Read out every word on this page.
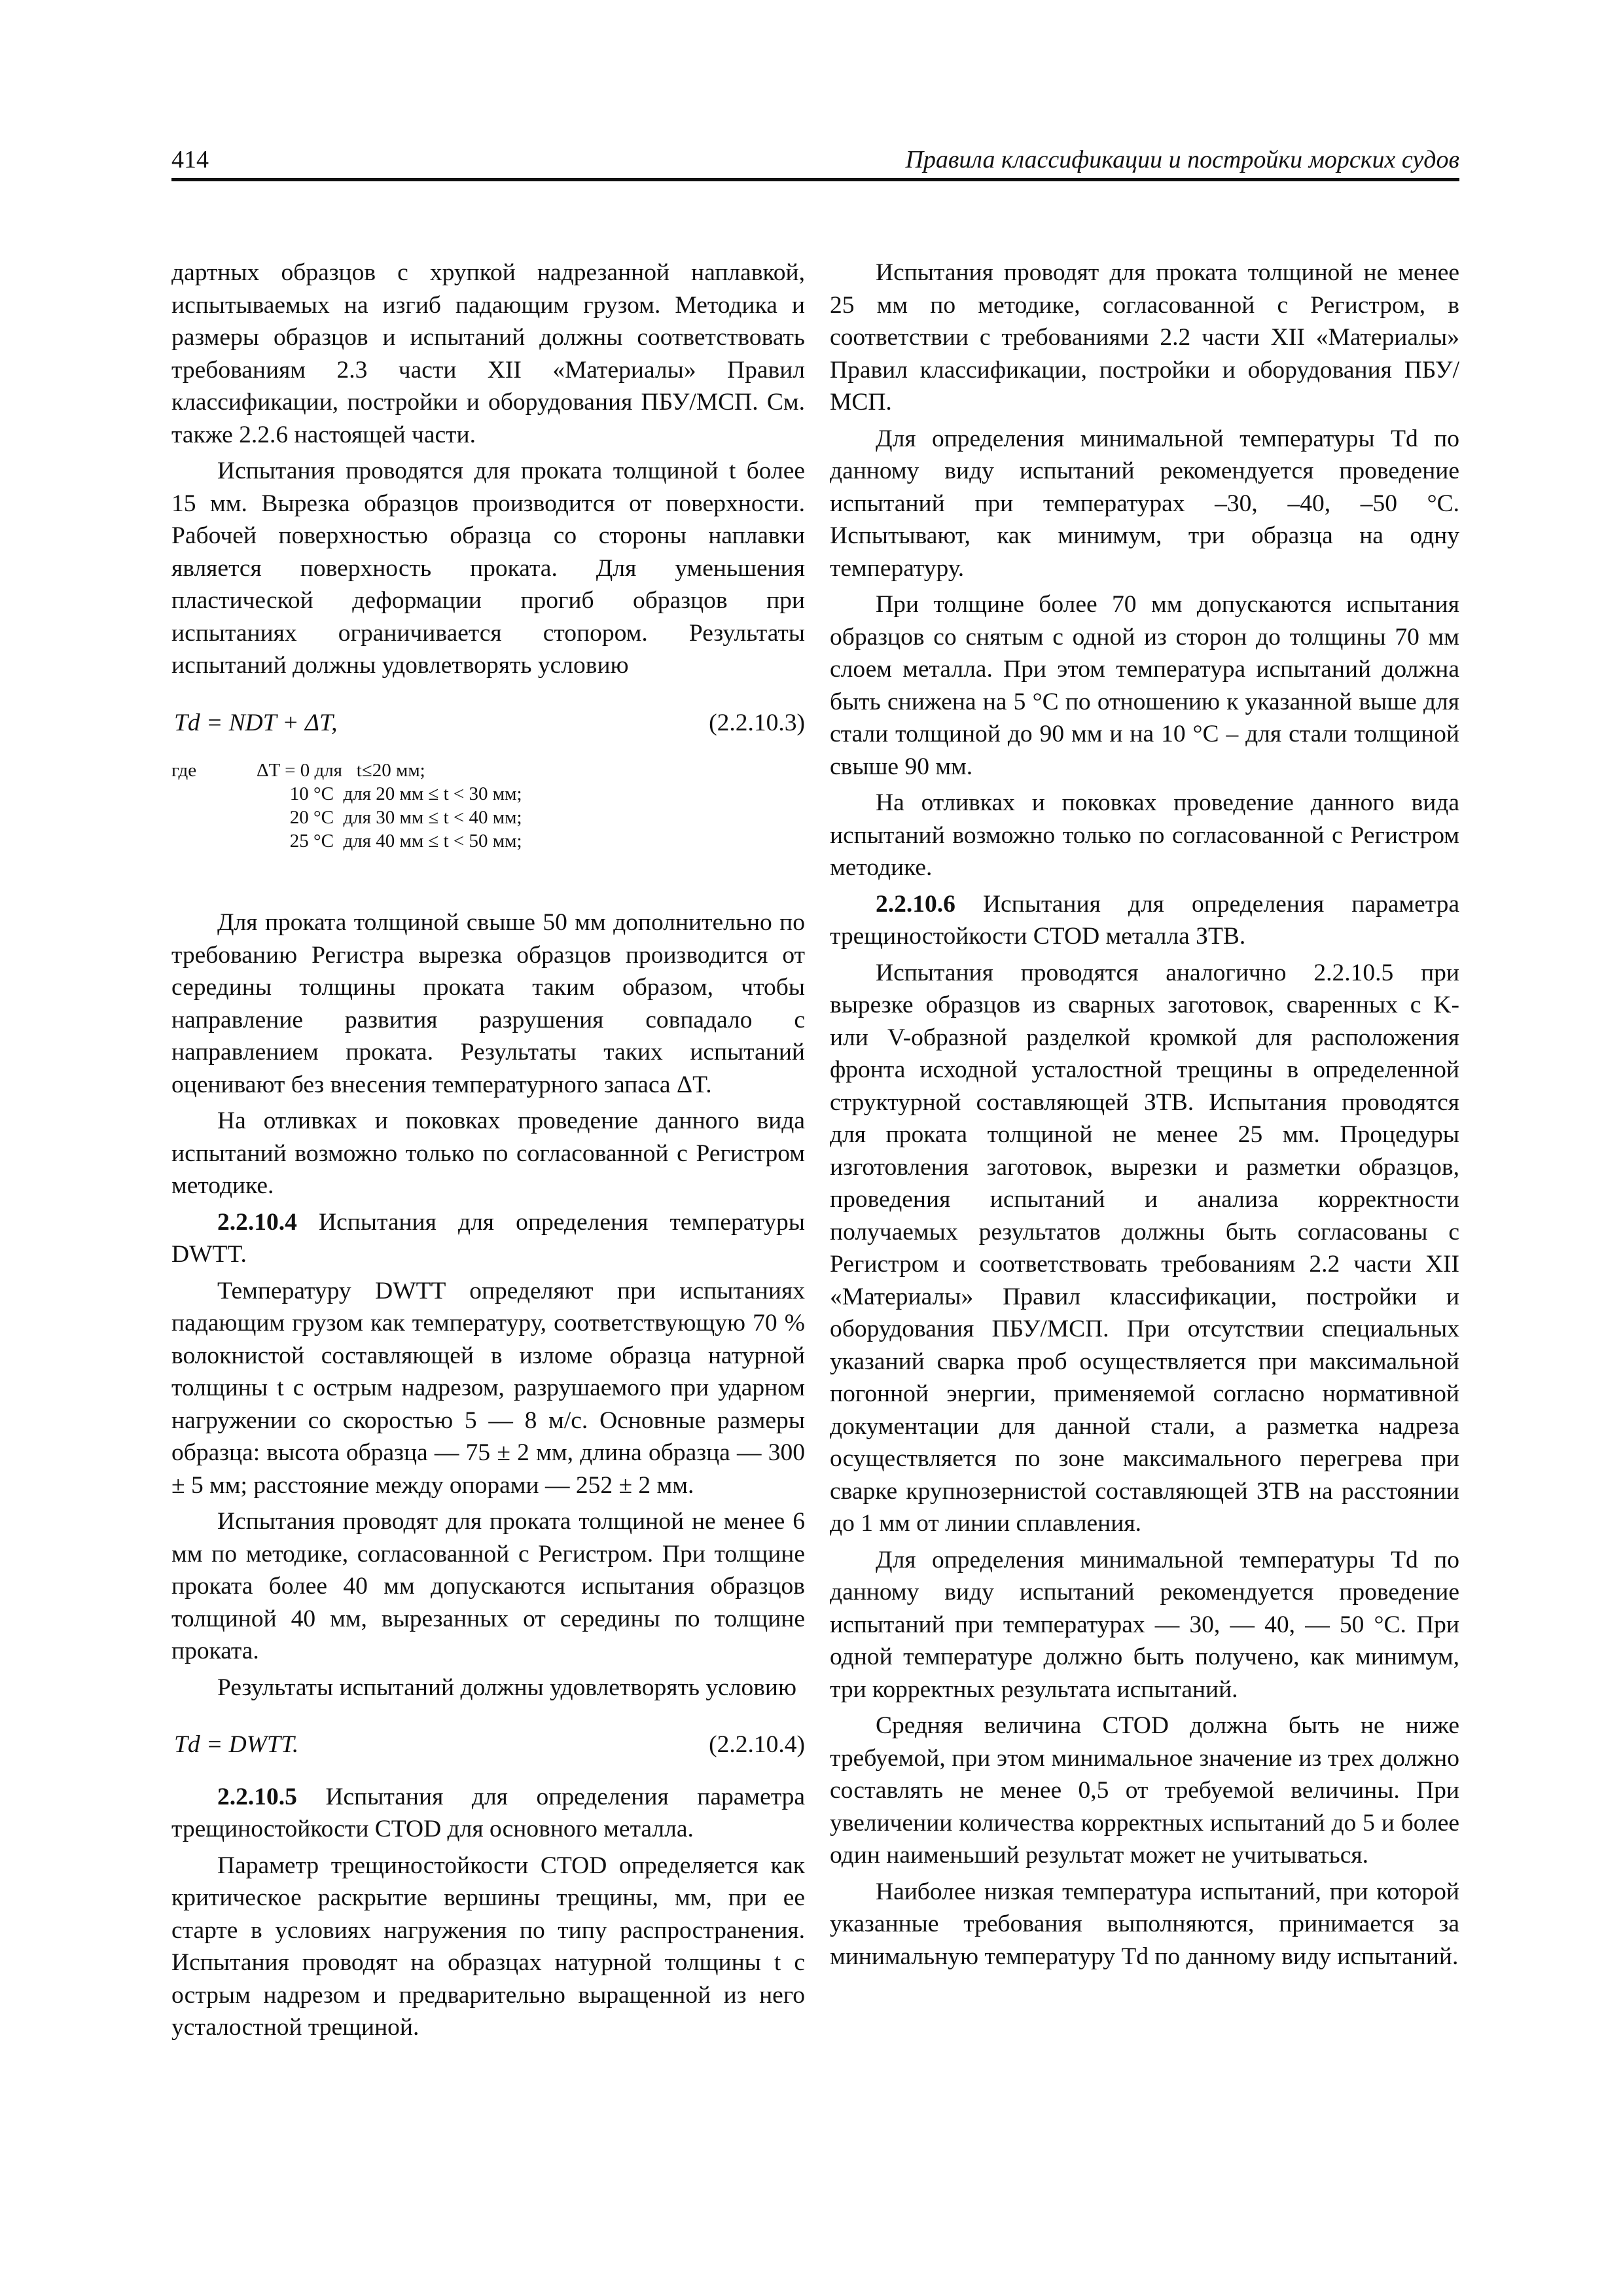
414	Правила классификации и постройки морских судов

дартных образцов с хрупкой надрезанной наплавкой, испытываемых на изгиб падающим грузом. Методика и размеры образцов и испытаний должны соответствовать требованиям 2.3 части XII «Материалы» Правил классификации, постройки и оборудования ПБУ/МСП. См. также 2.2.6 настоящей части.

Испытания проводятся для проката толщиной t более 15 мм. Вырезка образцов производится от поверхности. Рабочей поверхностью образца со стороны наплавки является поверхность проката. Для уменьшения пластической деформации прогиб образцов при испытаниях ограничивается стопором. Результаты испытаний должны удовлетворять условию

Td = NDT + ΔT,	(2.2.10.3)
где	ΔT = 0 для   t≤20 мм;
10 °С  для 20 мм ≤ t < 30 мм;
20 °С  для 30 мм ≤ t < 40 мм;
25 °С  для 40 мм ≤ t < 50 мм;

Для проката толщиной свыше 50 мм дополнительно по требованию Регистра вырезка образцов производится от середины толщины проката таким образом, чтобы направление развития разрушения совпадало с направлением проката. Результаты таких испытаний оценивают без внесения температурного запаса ΔT.

На отливках и поковках проведение данного вида испытаний возможно только по согласованной с Регистром методике.

2.2.10.4 Испытания для определения температуры DWTT.

Температуру DWTT определяют при испытаниях падающим грузом как температуру, соответствующую 70 % волокнистой составляющей в изломе образца натурной толщины t с острым надрезом, разрушаемого при ударном нагружении со скоростью 5 — 8 м/с. Основные размеры образца: высота образца — 75 ± 2 мм, длина образца — 300 ± 5 мм; расстояние между опорами — 252 ± 2 мм.

Испытания проводят для проката толщиной не менее 6 мм по методике, согласованной с Регистром. При толщине проката более 40 мм допускаются испытания образцов толщиной 40 мм, вырезанных от середины по толщине проката.

Результаты испытаний должны удовлетворять условию

Td = DWTT.	(2.2.10.4)

2.2.10.5 Испытания для определения параметра трещиностойкости CTOD для основного металла.

Параметр трещиностойкости CTOD определяется как критическое раскрытие вершины трещины, мм, при ее старте в условиях нагружения по типу распространения. Испытания проводят на образцах натурной толщины t с острым надрезом и предварительно выращенной из него усталостной трещиной.

Испытания проводят для проката толщиной не менее 25 мм по методике, согласованной с Регистром, в соответствии с требованиями 2.2 части XII «Материалы» Правил классификации, постройки и оборудования ПБУ/МСП.

Для определения минимальной температуры Td по данному виду испытаний рекомендуется проведение испытаний при температурах –30, –40, –50 °С. Испытывают, как минимум, три образца на одну температуру.

При толщине более 70 мм допускаются испытания образцов со снятым с одной из сторон до толщины 70 мм слоем металла. При этом температура испытаний должна быть снижена на 5 °С по отношению к указанной выше для стали толщиной до 90 мм и на 10 °С – для стали толщиной свыше 90 мм.

На отливках и поковках проведение данного вида испытаний возможно только по согласованной с Регистром методике.

2.2.10.6 Испытания для определения параметра трещиностойкости CTOD металла ЗТВ.

Испытания проводятся аналогично 2.2.10.5 при вырезке образцов из сварных заготовок, сваренных с K- или V-образной разделкой кромкой для расположения фронта исходной усталостной трещины в определенной структурной составляющей ЗТВ. Испытания проводятся для проката толщиной не менее 25 мм. Процедуры изготовления заготовок, вырезки и разметки образцов, проведения испытаний и анализа корректности получаемых результатов должны быть согласованы с Регистром и соответствовать требованиям 2.2 части XII «Материалы» Правил классификации, постройки и оборудования ПБУ/МСП. При отсутствии специальных указаний сварка проб осуществляется при максимальной погонной энергии, применяемой согласно нормативной документации для данной стали, а разметка надреза осуществляется по зоне максимального перегрева при сварке крупнозернистой составляющей ЗТВ на расстоянии до 1 мм от линии сплавления.

Для определения минимальной температуры Td по данному виду испытаний рекомендуется проведение испытаний при температурах — 30, — 40, — 50 °С. При одной температуре должно быть получено, как минимум, три корректных результата испытаний.

Средняя величина CTOD должна быть не ниже требуемой, при этом минимальное значение из трех должно составлять не менее 0,5 от требуемой величины. При увеличении количества корректных испытаний до 5 и более один наименьший результат может не учитываться.

Наиболее низкая температура испытаний, при которой указанные требования выполняются, принимается за минимальную температуру Td по данному виду испытаний.
